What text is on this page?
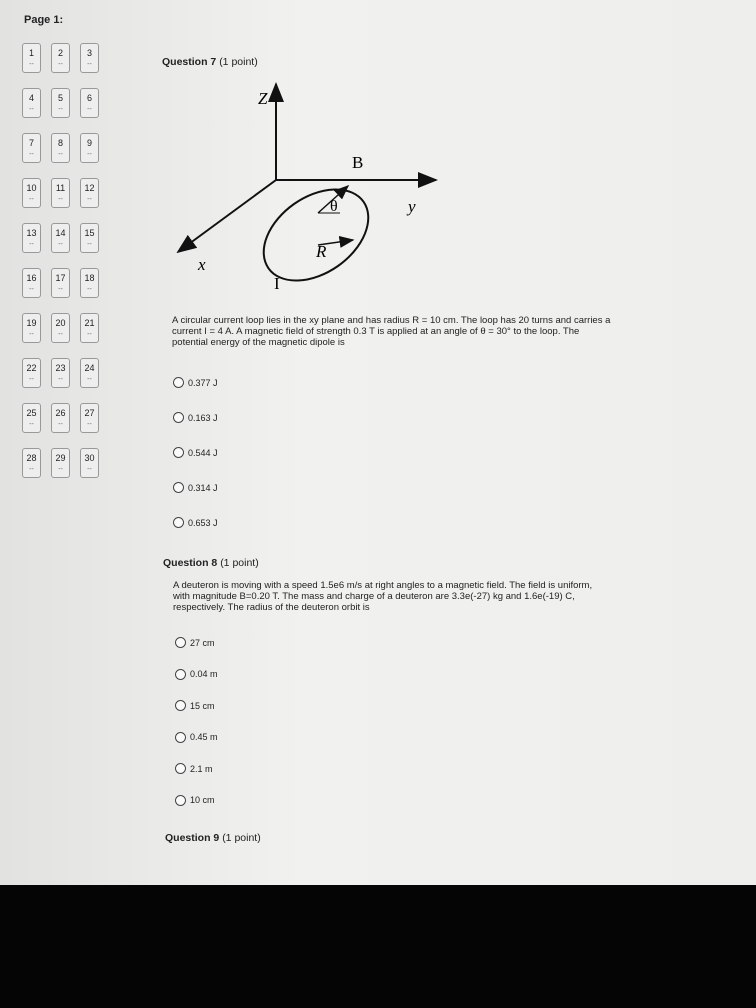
Page 1:
1
--
2
--
3
--
4
--
5
--
6
--
7
--
8
--
9
--
10
--
11
--
12
--
13
--
14
--
15
--
16
--
17
--
18
--
19
--
20
--
21
--
22
--
23
--
24
--
25
--
26
--
27
--
28
--
29
--
30
--
Question 7 (1 point)
Z
B
θ	y
R
x
I
A circular current loop lies in the xy plane and has radius R = 10 cm. The loop has 20 turns and carries a current I = 4 A. A magnetic field of strength 0.3 T is applied at an angle of θ = 30° to the loop. The potential energy of the magnetic dipole is
0.377 J
0.163 J
0.544 J
0.314 J
0.653 J
Question 8 (1 point)
A deuteron is moving with a speed 1.5e6 m/s at right angles to a magnetic field. The field is uniform, with magnitude B=0.20 T. The mass and charge of a deuteron are 3.3e(-27) kg and 1.6e(-19) C, respectively. The radius of the deuteron orbit is
27 cm
0.04 m
15 cm
0.45 m
2.1 m
10 cm
Question 9 (1 point)
